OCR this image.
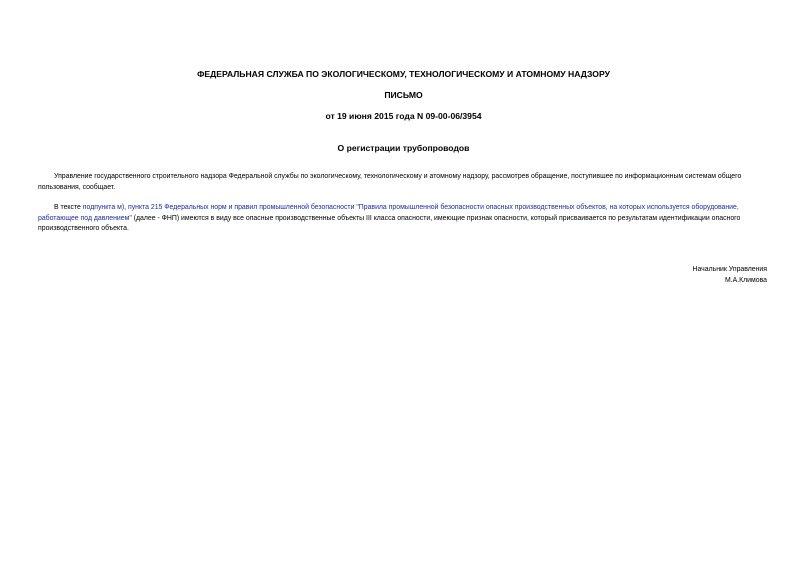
ФЕДЕРАЛЬНАЯ СЛУЖБА ПО ЭКОЛОГИЧЕСКОМУ, ТЕХНОЛОГИЧЕСКОМУ И АТОМНОМУ НАДЗОРУ
ПИСЬМО
от 19 июня 2015 года N 09-00-06/3954
О регистрации трубопроводов
Управление государственного строительного надзора Федеральной службы по экологическому, технологическому и атомному надзору, рассмотрев обращение, поступившее по информационным системам общего пользования, сообщает.
В тексте подпункта м), пункта 215 Федеральных норм и правил промышленной безопасности "Правила промышленной безопасности опасных производственных объектов, на которых используется оборудование, работающее под давлением" (далее - ФНП) имеются в виду все опасные производственные объекты III класса опасности, имеющие признак опасности, который присваивается по результатам идентификации опасного производственного объекта.
Начальник Управления
М.А.Климова
